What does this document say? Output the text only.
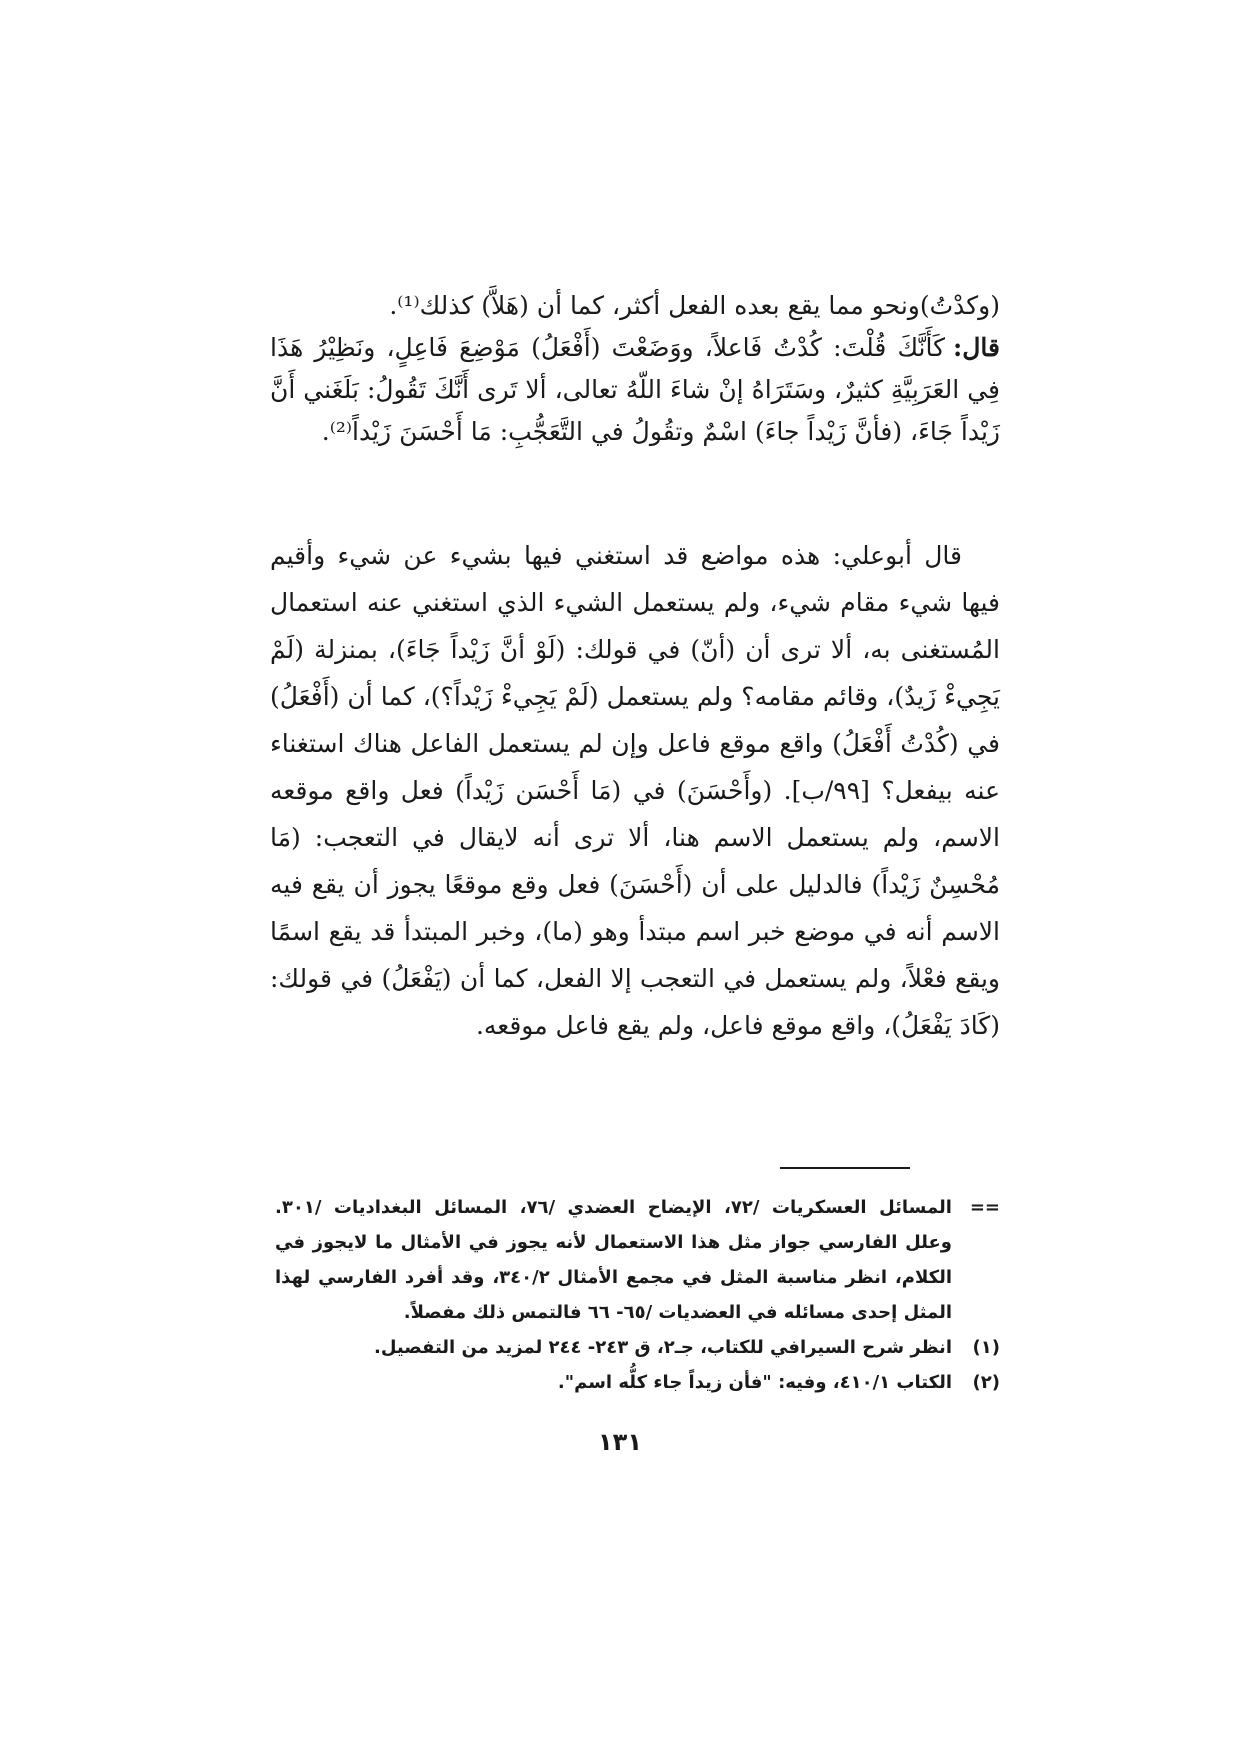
(وكدْتُ)ونحو مما يقع بعده الفعل أكثر، كما أن (هَلاَّ) كذلك⁽¹⁾.

قال:كَأَنَّكَ قُلْتَ: كُدْتُ فَاعلاً، ووَضَعْتَ (أَفْعَلُ) مَوْضِعَ فَاعِلٍ، ونَظِيْرُ هَذَا فِي العَرَبِيَّةِ كثيرٌ، وسَتَرَاهُ إنْ شاءَ اللّهُ تعالى، ألا تَرى أَنَّكَ تَقُولُ: بَلَغَني أَنَّ زَيْداً جَاءَ، (فأنَّ زَيْداً جاءَ) اسْمٌ وتقُولُ في التَّعَجُّبِ: مَا أَحْسَنَ زَيْداً⁽²⁾.

قال أبوعلي: هذه مواضع قد استغني فيها بشيء عن شيء وأقيم فيها شيء مقام شيء، ولم يستعمل الشيء الذي استغني عنه استعمال المُستغنى به، ألا ترى أن (أنّ) في قولك: (لَوْ أنَّ زَيْداً جَاءَ)، بمنزلة (لَمْ يَجِيءْ زَيدٌ)، وقائم مقامه؟ ولم يستعمل (لَمْ يَجِيءْ زَيْداً؟)، كما أن (أَفْعَلُ) في (كُدْتُ أَفْعَلُ) واقع موقع فاعل وإن لم يستعمل الفاعل هناك استغناء عنه بيفعل؟ [٩٩/ب]. (وأَحْسَنَ) في (مَا أَحْسَن زَيْداً) فعل واقع موقعه الاسم، ولم يستعمل الاسم هنا، ألا ترى أنه لايقال في التعجب: (مَا مُحْسِنٌ زَيْداً) فالدليل على أن (أَحْسَنَ) فعل وقع موقعًا يجوز أن يقع فيه الاسم أنه في موضع خبر اسم مبتدأ وهو (ما)، وخبر المبتدأ قد يقع اسمًا ويقع فعْلاً، ولم يستعمل في التعجب إلا الفعل، كما أن (يَفْعَلُ) في قولك: (كَادَ يَفْعَلُ)، واقع موقع فاعل، ولم يقع فاعل موقعه.

==
المسائل العسكريات /٧٢، الإيضاح العضدي /٧٦، المسائل البغداديات /٣٠١. وعلل الفارسي جواز مثل هذا الاستعمال لأنه يجوز في الأمثال ما لايجوز في الكلام، انظر مناسبة المثل في مجمع الأمثال ٣٤٠/٢، وقد أفرد الفارسي لهذا المثل إحدى مسائله في العضديات /٦٥- ٦٦ فالتمس ذلك مفصلاً.
(١)
انظر شرح السيرافي للكتاب، جـ٢، ق ٢٤٣- ٢٤٤ لمزيد من التفصيل.
(٢)
الكتاب ٤١٠/١، وفيه: "فأن زيداً جاء كلُّه اسم".
١٣١
